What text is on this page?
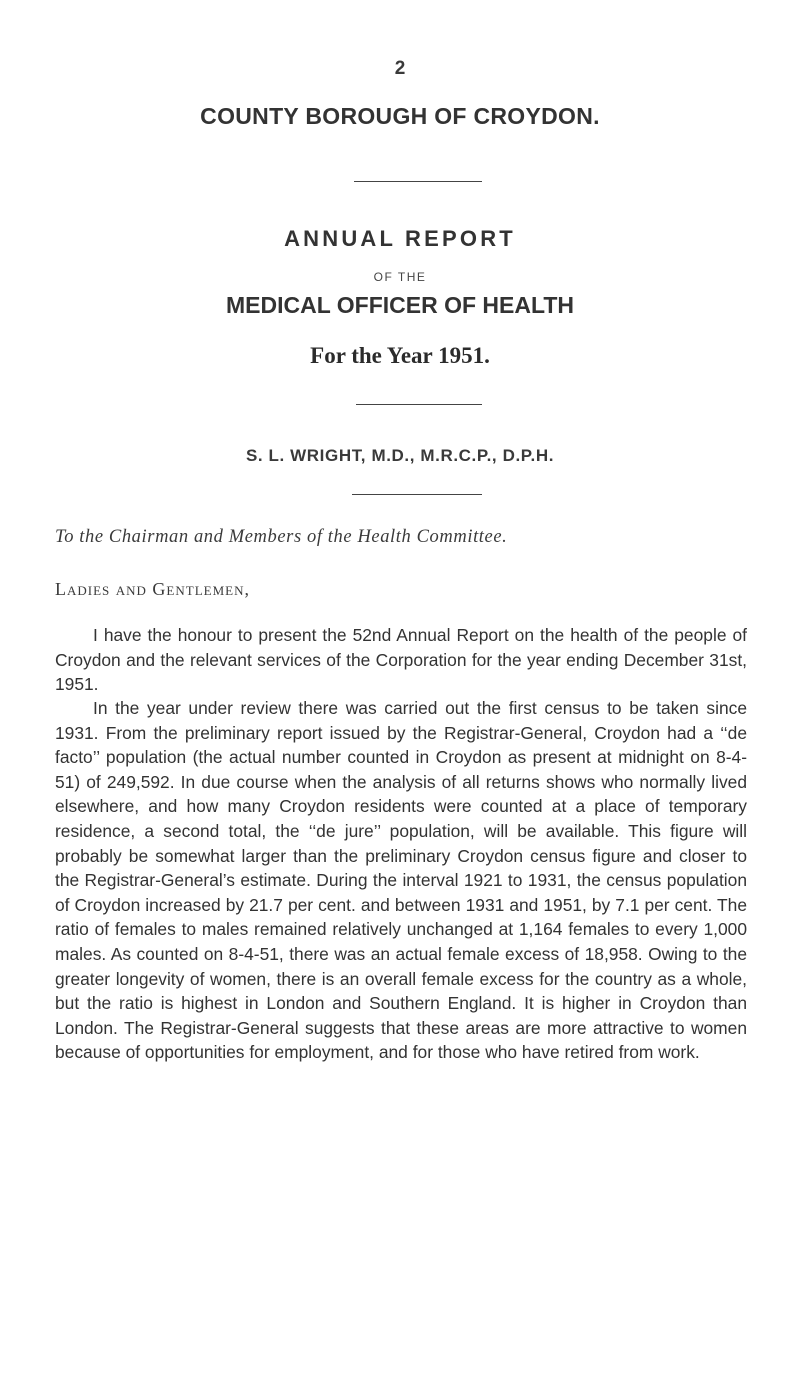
2
COUNTY BOROUGH OF CROYDON.
ANNUAL REPORT
OF THE
MEDICAL OFFICER OF HEALTH
For the Year 1951.
S. L. WRIGHT, M.D., M.R.C.P., D.P.H.
To the Chairman and Members of the Health Committee.
Ladies and Gentlemen,

I have the honour to present the 52nd Annual Report on the health of the people of Croydon and the relevant services of the Corporation for the year ending December 31st, 1951.

In the year under review there was carried out the first census to be taken since 1931. From the preliminary report issued by the Registrar-General, Croydon had a ‘‘de facto’’ population (the actual number counted in Croydon as present at midnight on 8-4-51) of 249,592. In due course when the analysis of all returns shows who normally lived elsewhere, and how many Croydon residents were counted at a place of temporary residence, a second total, the ‘‘de jure’’ population, will be available. This figure will probably be somewhat larger than the preliminary Croydon census figure and closer to the Registrar-General’s estimate. During the interval 1921 to 1931, the census population of Croydon increased by 21.7 per cent. and between 1931 and 1951, by 7.1 per cent. The ratio of females to males remained relatively unchanged at 1,164 females to every 1,000 males. As counted on 8-4-51, there was an actual female excess of 18,958. Owing to the greater longevity of women, there is an overall female excess for the country as a whole, but the ratio is highest in London and Southern England. It is higher in Croydon than London. The Registrar-General suggests that these areas are more attractive to women because of opportunities for employment, and for those who have retired from work.
